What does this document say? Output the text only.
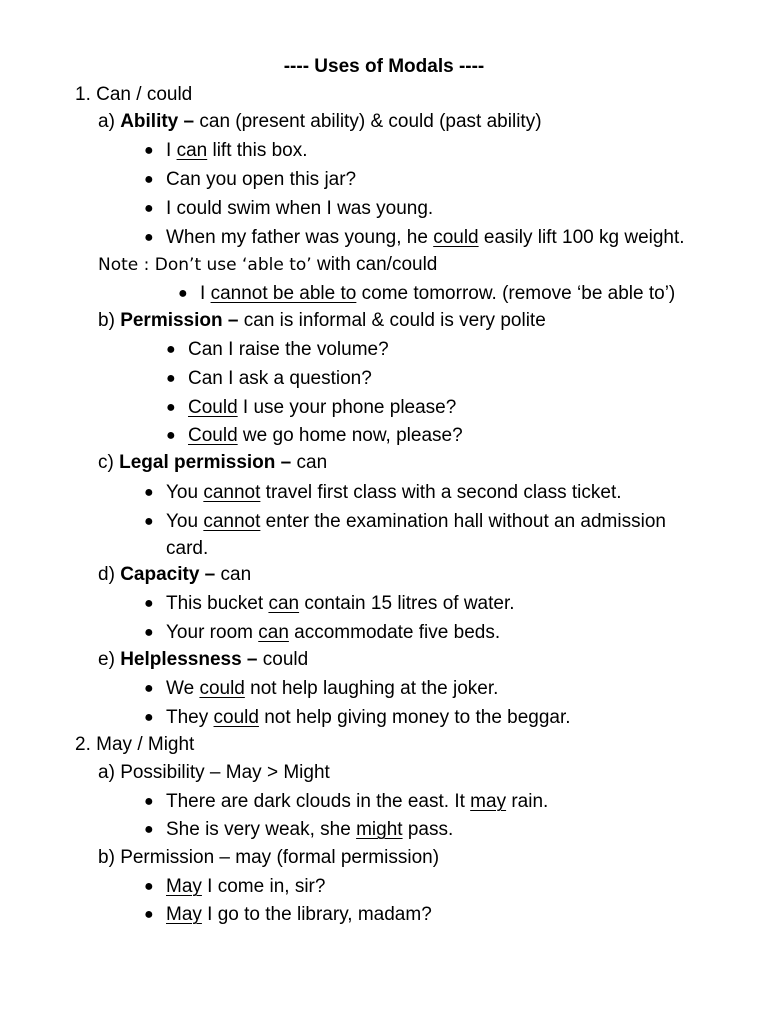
---- Uses of Modals ----
1. Can / could
a) Ability – can (present ability) & could (past ability)
● I can lift this box.
● Can you open this jar?
● I could swim when I was young.
● When my father was young, he could easily lift 100 kg weight.
Note : Don’t use ‘able to’ with can/could
● I cannot be able to come tomorrow. (remove ‘be able to’)
b) Permission – can is informal & could is very polite
● Can I raise the volume?
● Can I ask a question?
● Could I use your phone please?
● Could we go home now, please?
c) Legal permission – can
● You cannot travel first class with a second class ticket.
● You cannot enter the examination hall without an admission
card.
d) Capacity – can
● This bucket can contain 15 litres of water.
● Your room can accommodate five beds.
e) Helplessness – could
● We could not help laughing at the joker.
● They could not help giving money to the beggar.
2. May / Might
a) Possibility – May > Might
● There are dark clouds in the east. It may rain.
● She is very weak, she might pass.
b) Permission – may (formal permission)
● May I come in, sir?
● May I go to the library, madam?
